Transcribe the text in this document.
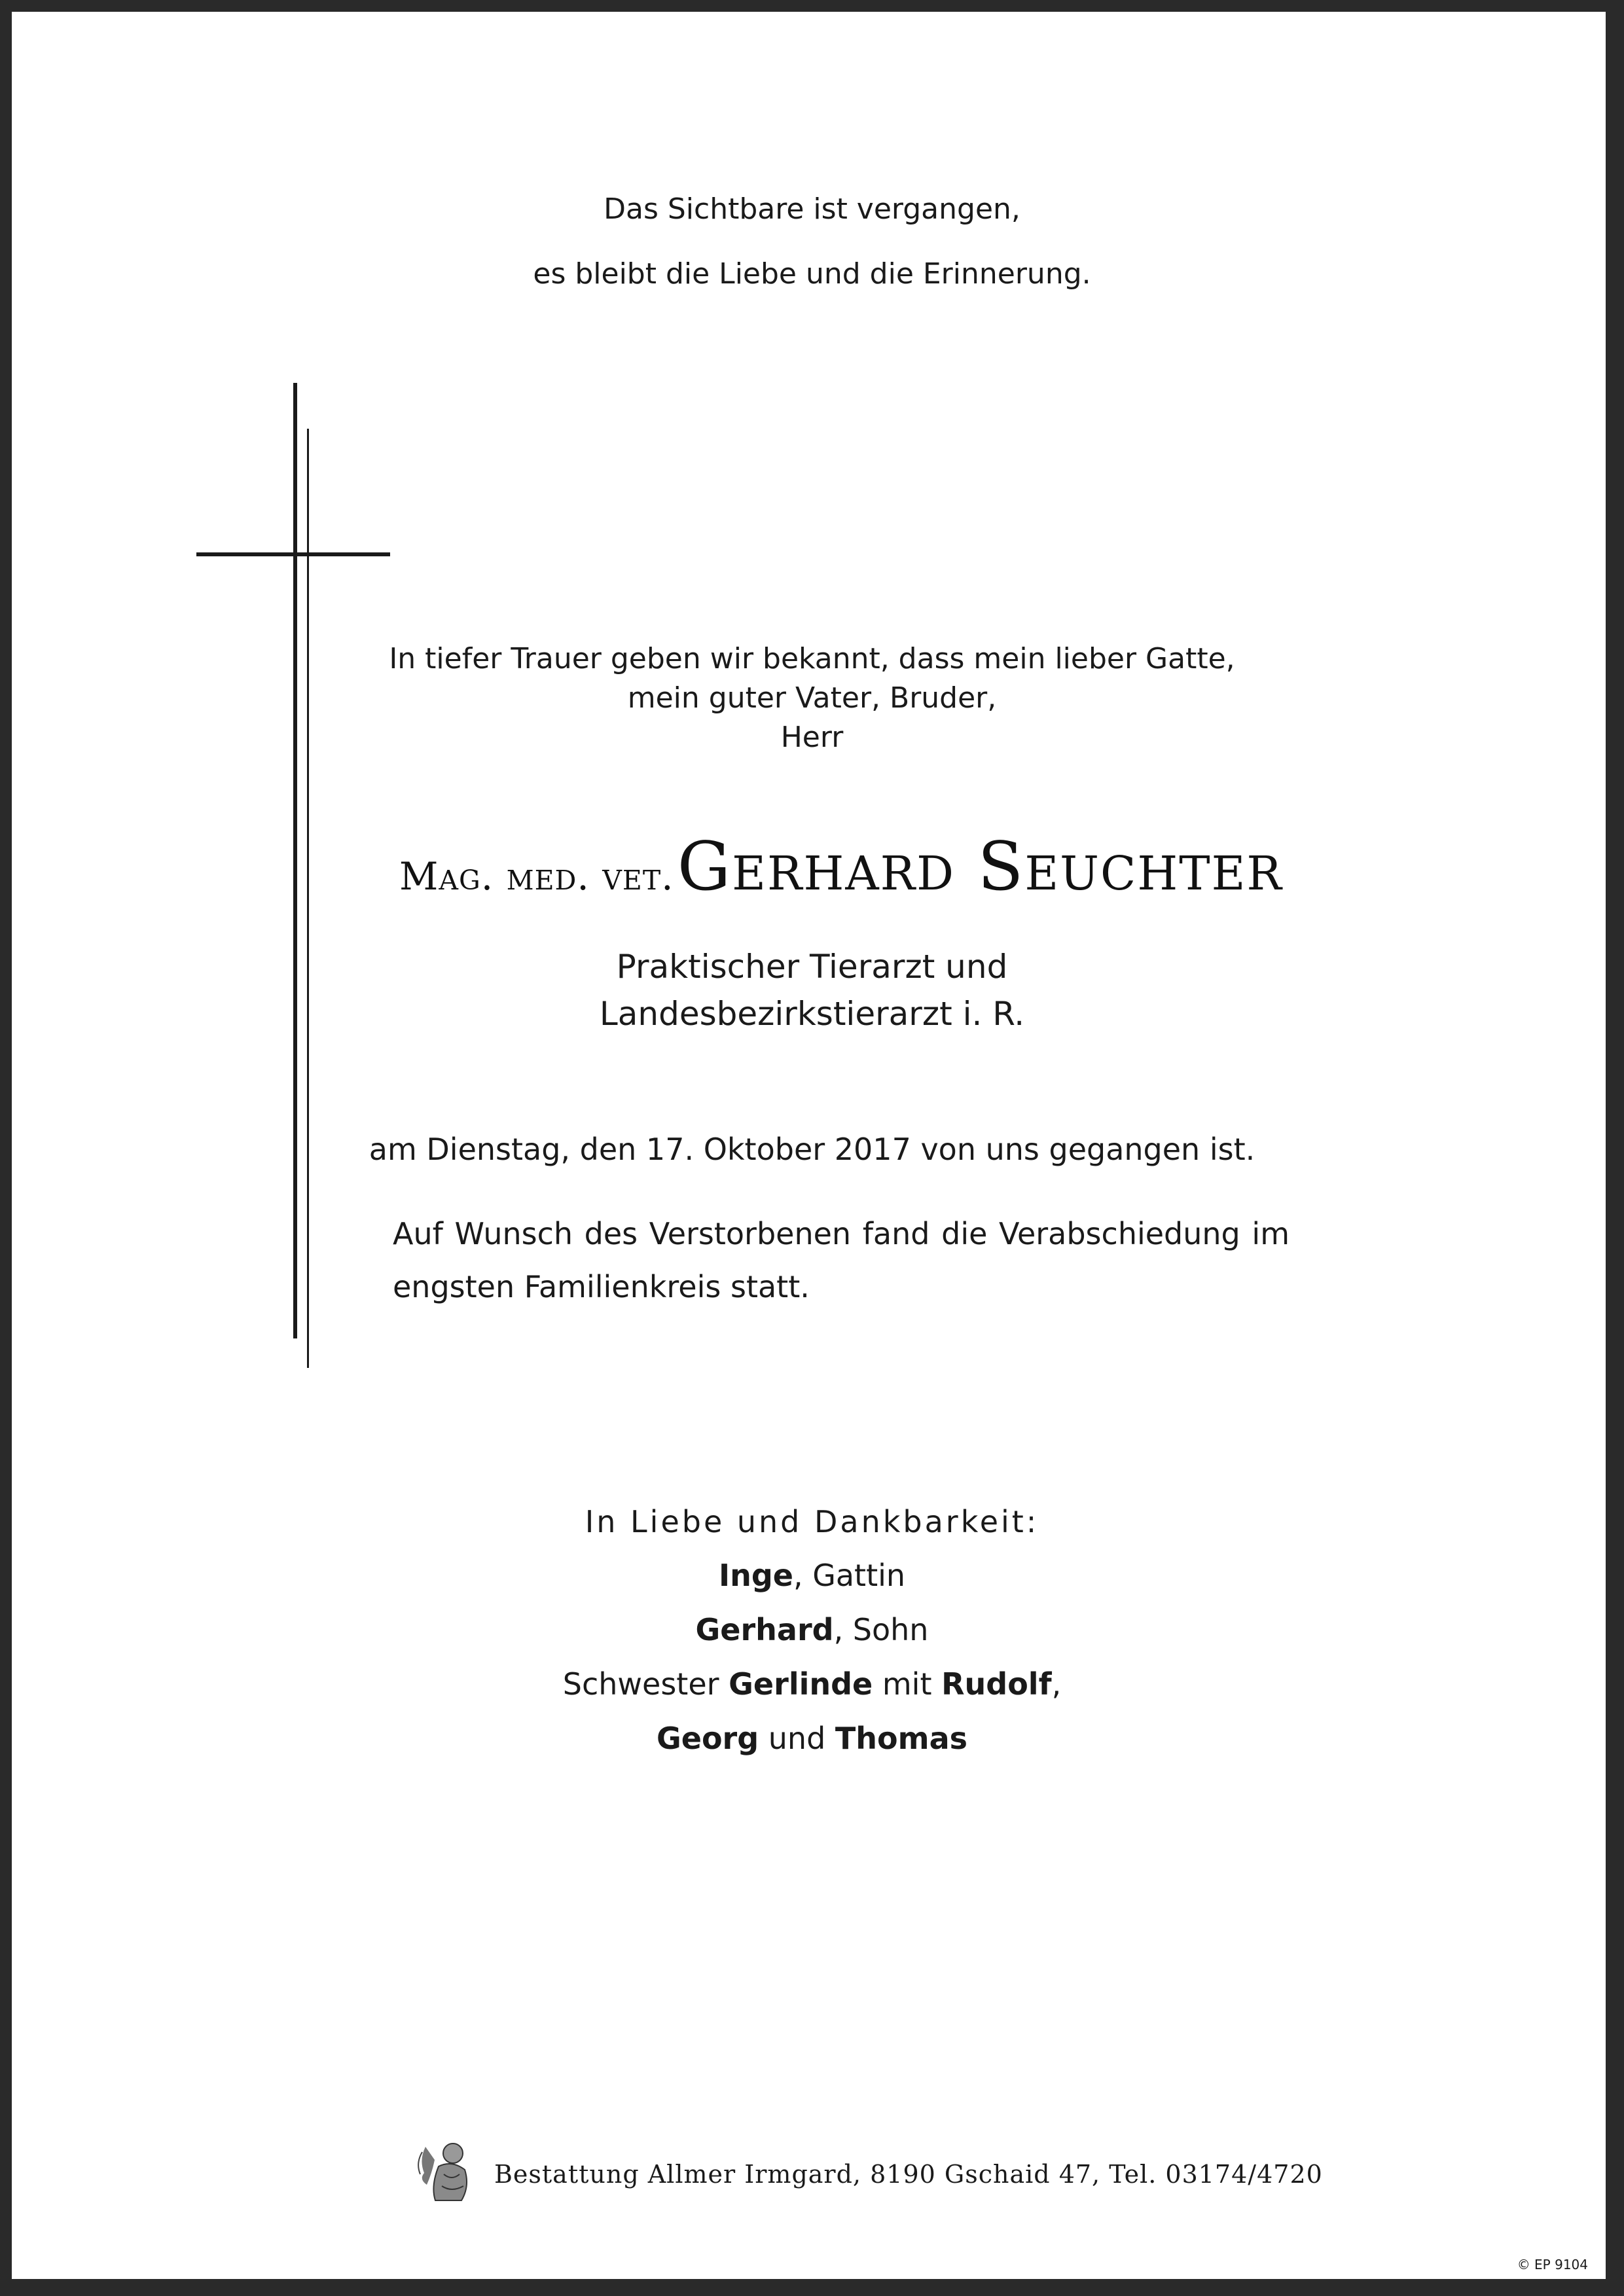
Das Sichtbare ist vergangen,
es bleibt die Liebe und die Erinnerung.
In tiefer Trauer geben wir bekannt, dass mein lieber Gatte,
mein guter Vater, Bruder,
Herr
Mag. med. vet. Gerhard Seuchter
Praktischer Tierarzt und
Landesbezirkstierarzt i. R.
am Dienstag, den 17. Oktober 2017 von uns gegangen ist.
Auf Wunsch des Verstorbenen fand die Verabschiedung im engsten Familienkreis statt.
In Liebe und Dankbarkeit:
Inge, Gattin
Gerhard, Sohn
Schwester Gerlinde mit Rudolf,
Georg und Thomas
Bestattung Allmer Irmgard, 8190 Gschaid 47, Tel. 03174/4720
© EP 9104
